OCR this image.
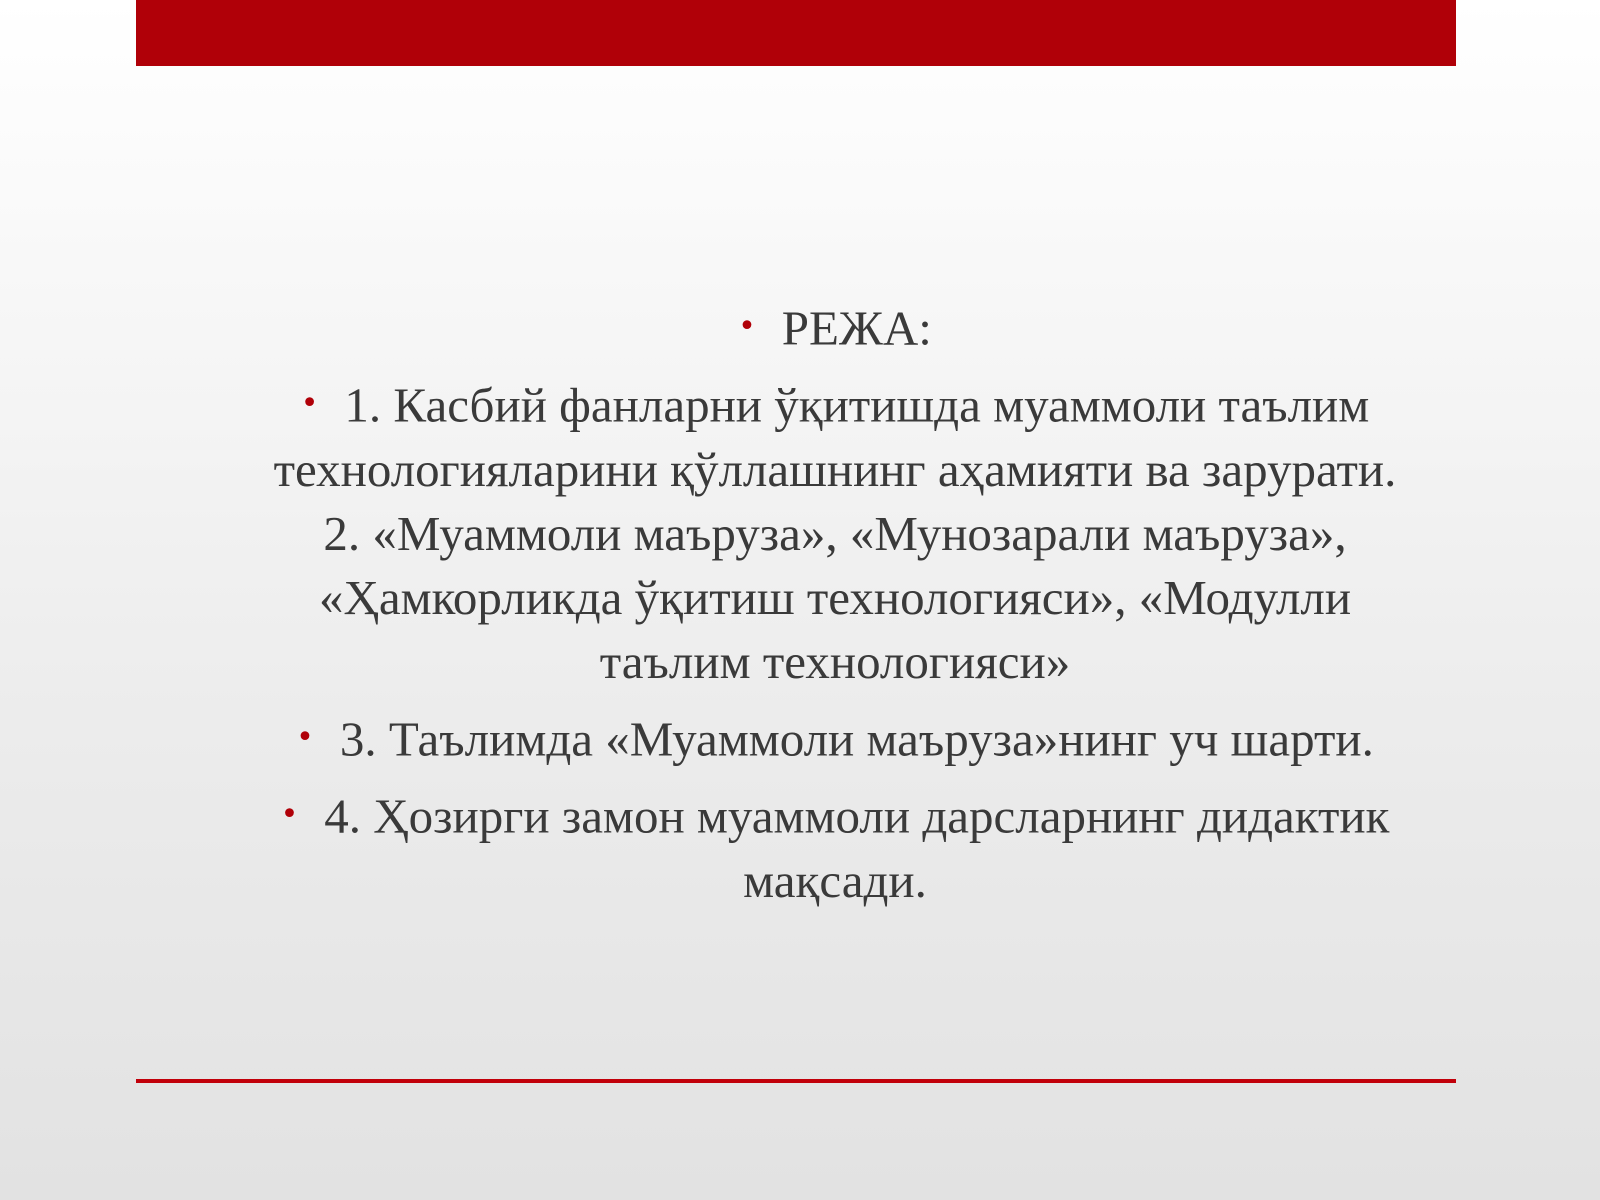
• РЕЖА:
• 1. Касбий фанларни ўқитишда муаммоли таълим
технологияларини қўллашнинг аҳамияти ва зарурати.
2. «Муаммоли маъруза», «Мунозарали маъруза»,
«Ҳамкорликда ўқитиш технологияси», «Модулли
таълим технологияси»
• 3. Таълимда «Муаммоли маъруза»нинг уч шарти.
• 4. Ҳозирги замон муаммоли дарсларнинг дидактик
мақсади.
